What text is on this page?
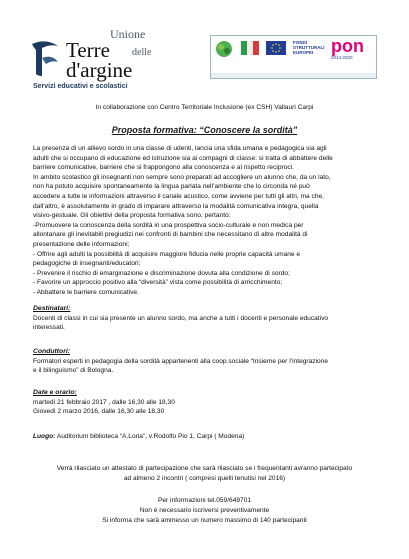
Unione
delle
Terre
d'argine
Servizi educativi e scolastici
FONDI
STRUTTURALI
EUROPEI pon
2014-2020
In collaborazione con Centro Territoriale Inclusione (ex CSH) Vallauri Carpi
Proposta formativa: “Conoscere la sordità”
La presenza di un allievo sordo in una classe di udenti, lancia una sfida umana e pedagogica sia agli
adulti che si occupano di educazione ed istruzione sia ai compagni di classe: si tratta di abbattere delle
barriere comunicative, barriere che si frappongono alla conoscenza e al rispetto reciproci.
In ambito scolastico gli insegnanti non sempre sono preparati ad accogliere un alunno che, da un lato,
non ha potuto acquisire spontaneamente la lingua parlata nell’ambiente che lo circonda né può
accedere a tutte le informazioni attraverso il canale acustico, come avviene per tutti gli altri, ma che,
dall’altro, è assolutamente in grado di imparare attraverso la modalità comunicativa integra, quella
visivo-gestuale. Gli obiettivi della proposta formativa sono, pertanto:
-Promuovere la conoscenza della sordità in una prospettiva socio-culturale e non medica per
allontanare gli inevitabili pregiudizi nei confronti di bambini che necessitano di altre modalità di
presentazione delle informazioni;
- Offrire agli adulti la possibilità di acquisire maggiore fiducia nelle proprie capacità umane e
pedagogiche di insegnanti/educatori;
- Prevenire il rischio di emarginazione e discriminazione dovuta alla condizione di sordo;
- Favorire un approccio positivo alla “diversità” vista come possibilità di arricchimento;
- Abbattere le barriere comunicative.
Destinatari:
Docenti di classi in cui sia presente un alunno sordo, ma anche a tutti i docenti e personale educativo
interessati.
Conduttori:
Formatori esperti in pedagogia della sordità appartenenti alla coop.sociale “Insieme per l’integrazione
e il bilinguismo” di Bologna.
Date e orario:
martedì 21 febbraio 2017 , dalle 16,30 alle 18,30
Giovedì 2 marzo 2016, dalle 16,30 alle 18,30
Luogo: Auditorium biblioteca “A.Loria”, v.Rodolfo Pio 1, Carpi ( Modena)
Verrà rilasciato un attestato di partecipazione che sarà rilasciato se i frequentanti avranno partecipato
ad almeno 2 incontri ( compresi quelli tenutisi nel 2016)
Per informazioni tel.059/649701
Non è necessario iscriversi preventivamente
Si informa che sarà ammesso un numero massimo di 140 partecipanti
